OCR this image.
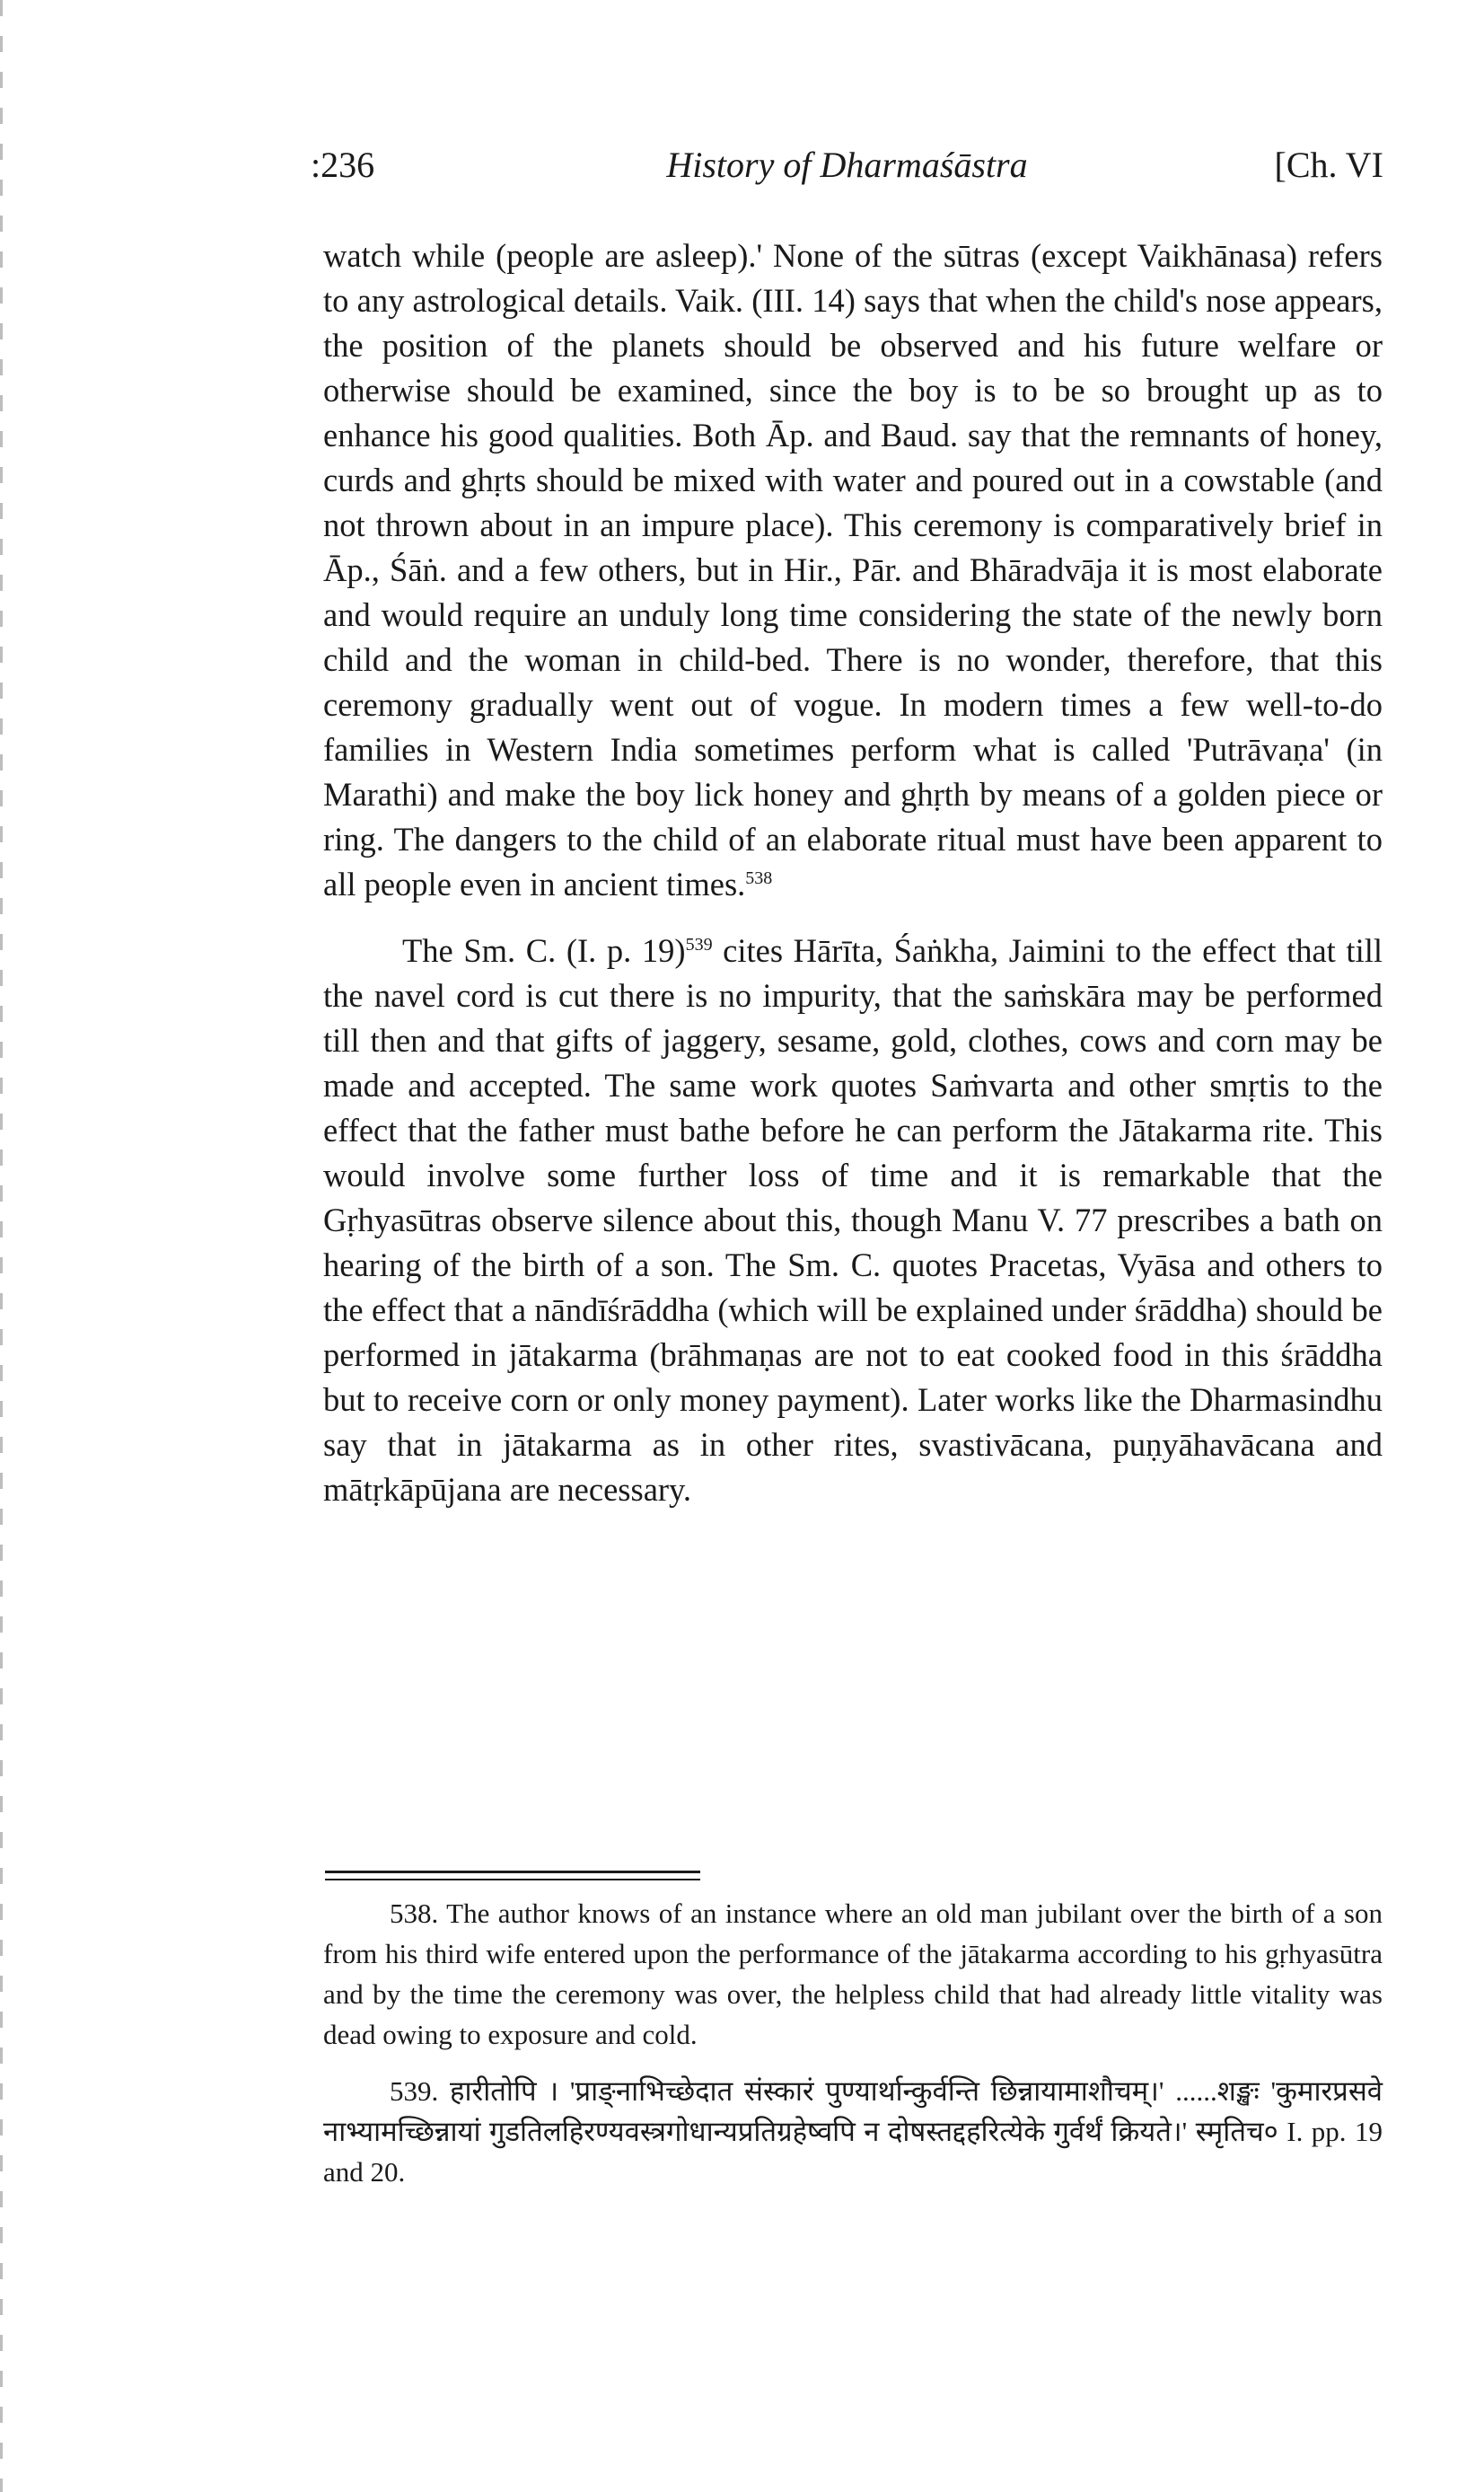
:236	History of Dharmaśāstra	[Ch. VI

watch while (people are asleep).' None of the sūtras (except Vaikhānasa) refers to any astrological details. Vaik. (III. 14) says that when the child's nose appears, the position of the planets should be observed and his future welfare or otherwise should be examined, since the boy is to be so brought up as to enhance his good qualities. Both Āp. and Baud. say that the remnants of honey, curds and ghṛts should be mixed with water and poured out in a cowstable (and not thrown about in an impure place). This ceremony is comparatively brief in Āp., Śāṅ. and a few others, but in Hir., Pār. and Bhāradvāja it is most elaborate and would require an unduly long time considering the state of the newly born child and the woman in child-bed. There is no wonder, therefore, that this ceremony gradually went out of vogue. In modern times a few well-to-do families in Western India sometimes perform what is called 'Putrāvaṇa' (in Marathi) and make the boy lick honey and ghṛth by means of a golden piece or ring. The dangers to the child of an elaborate ritual must have been apparent to all people even in ancient times.$^{538}$

The Sm. C. (I. p. 19)$^{539}$ cites Hārīta, Śaṅkha, Jaimini to the effect that till the navel cord is cut there is no impurity, that the saṁskāra may be performed till then and that gifts of jaggery, sesame, gold, clothes, cows and corn may be made and accepted. The same work quotes Saṁvarta and other smṛtis to the effect that the father must bathe before he can perform the Jātakarma rite. This would involve some further loss of time and it is remarkable that the Gṛhyasūtras observe silence about this, though Manu V. 77 prescribes a bath on hearing of the birth of a son. The Sm. C. quotes Pracetas, Vyāsa and others to the effect that a nāndīśrāddha (which will be explained under śrāddha) should be performed in jātakarma (brāhmaṇas are not to eat cooked food in this śrāddha but to receive corn or only money payment). Later works like the Dharmasindhu say that in jātakarma as in other rites, svastivācana, puṇyāhavācana and mātṛkāpūjana are necessary.

538. The author knows of an instance where an old man jubilant over the birth of a son from his third wife entered upon the performance of the jātakarma according to his gṛhyasūtra and by the time the ceremony was over, the helpless child that had already little vitality was dead owing to exposure and cold.

539. हारीतोपि । 'प्राङ्नाभिच्छेदात संस्कारं पुण्यार्थान्कुर्वन्ति छिन्नायामाशौचम्।' ......शङ्खः 'कुमारप्रसवे नाभ्यामच्छिन्नायां गुडतिलहिरण्यवस्त्रगोधान्यप्रतिग्रहेष्वपि न दोषस्तद्दहरित्येके गुर्वर्थं क्रियते।' स्मृतिच० I. pp. 19 and 20.
